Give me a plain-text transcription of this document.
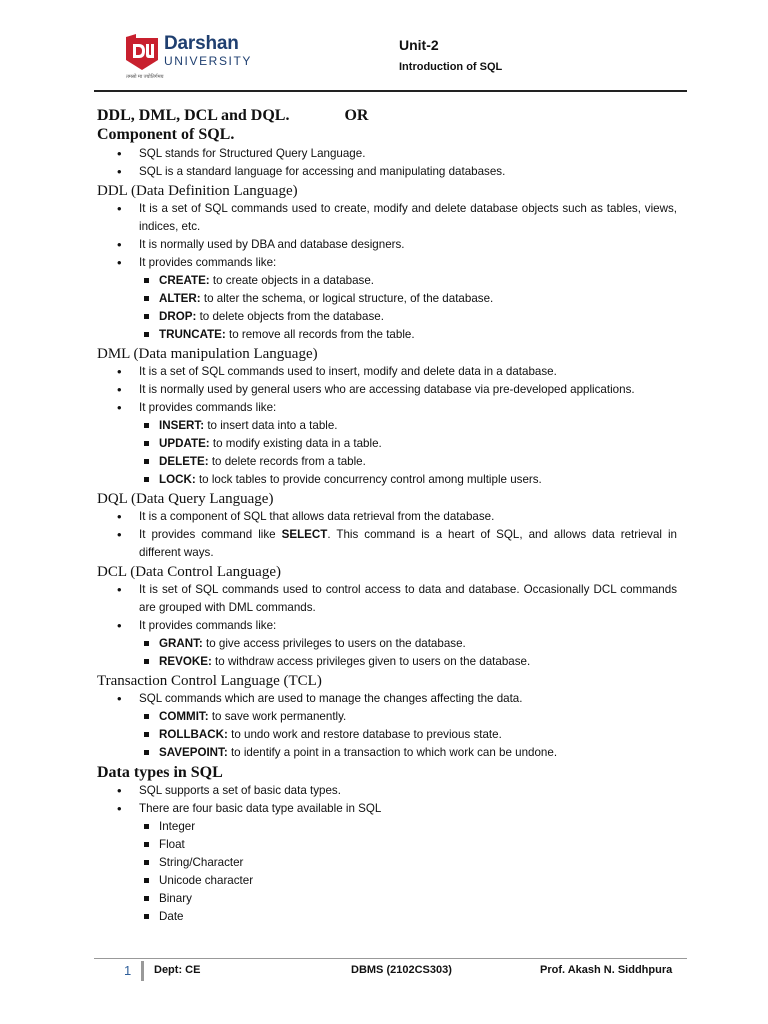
Darshan
UNIVERSITY
तमसो मा ज्योतिर्गमय
Unit-2
Introduction of SQL
DDL, DML, DCL and DQL.	OR
Component of SQL.
• SQL stands for Structured Query Language.
• SQL is a standard language for accessing and manipulating databases.
DDL (Data Definition Language)
• It is a set of SQL commands used to create, modify and delete database objects such as tables, views, indices, etc.
• It is normally used by DBA and database designers.
• It provides commands like:
CREATE: to create objects in a database.
ALTER: to alter the schema, or logical structure, of the database.
DROP: to delete objects from the database.
TRUNCATE: to remove all records from the table.
DML (Data manipulation Language)
• It is a set of SQL commands used to insert, modify and delete data in a database.
• It is normally used by general users who are accessing database via pre-developed applications.
• It provides commands like:
INSERT: to insert data into a table.
UPDATE: to modify existing data in a table.
DELETE: to delete records from a table.
LOCK: to lock tables to provide concurrency control among multiple users.
DQL (Data Query Language)
• It is a component of SQL that allows data retrieval from the database.
• It provides command like SELECT. This command is a heart of SQL, and allows data retrieval in different ways.
DCL (Data Control Language)
• It is set of SQL commands used to control access to data and database. Occasionally DCL commands are grouped with DML commands.
• It provides commands like:
GRANT: to give access privileges to users on the database.
REVOKE: to withdraw access privileges given to users on the database.
Transaction Control Language (TCL)
• SQL commands which are used to manage the changes affecting the data.
COMMIT: to save work permanently.
ROLLBACK: to undo work and restore database to previous state.
SAVEPOINT: to identify a point in a transaction to which work can be undone.
Data types in SQL
• SQL supports a set of basic data types.
• There are four basic data type available in SQL
Integer
Float
String/Character
Unicode character
Binary
Date
1 Dept: CE	DBMS (2102CS303)	Prof. Akash N. Siddhpura
